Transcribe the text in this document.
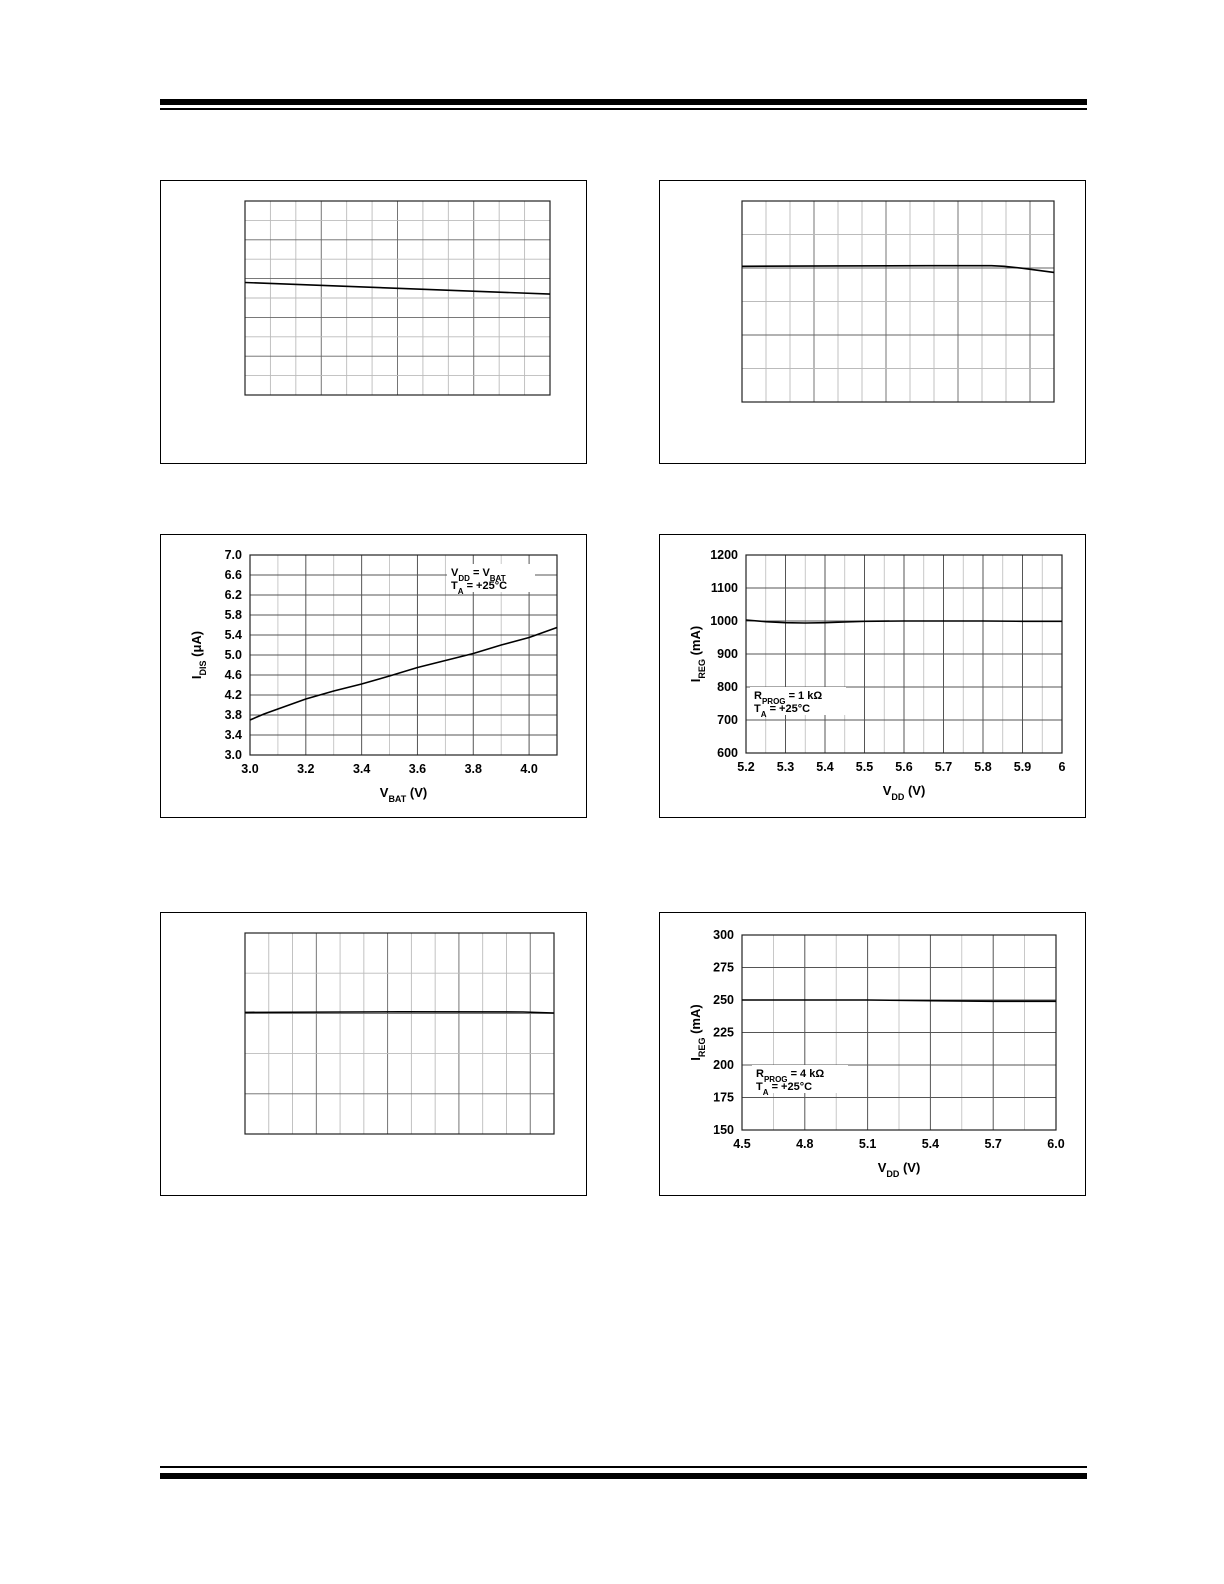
3.0	3.2	3.4	3.6	3.8	4.0
3.0
3.4
3.8
4.2
4.6
5.0
5.4
5.8
6.2
6.6
7.0
$V_{BAT}$ (V)
$I_{DIS}$ (μA)
$V_{DD} = V_{BAT}$
$T_A = +25^\circ C$
5.2 5.3 5.4 5.5 5.6 5.7 5.8 5.9 6
600
700
800
900
1000
1100
1200
$V_{DD}$ (V)
$I_{REG}$ (mA)
$R_{PROG} = 1$ kΩ
$T_A = +25^\circ C$
4.5	4.8	5.1	5.4	5.7	6.0
150
175
200
225
250
275
300
$V_{DD}$ (V)
$I_{REG}$ (mA)
$R_{PROG} = 4$ kΩ
$T_A = +25^\circ C$
